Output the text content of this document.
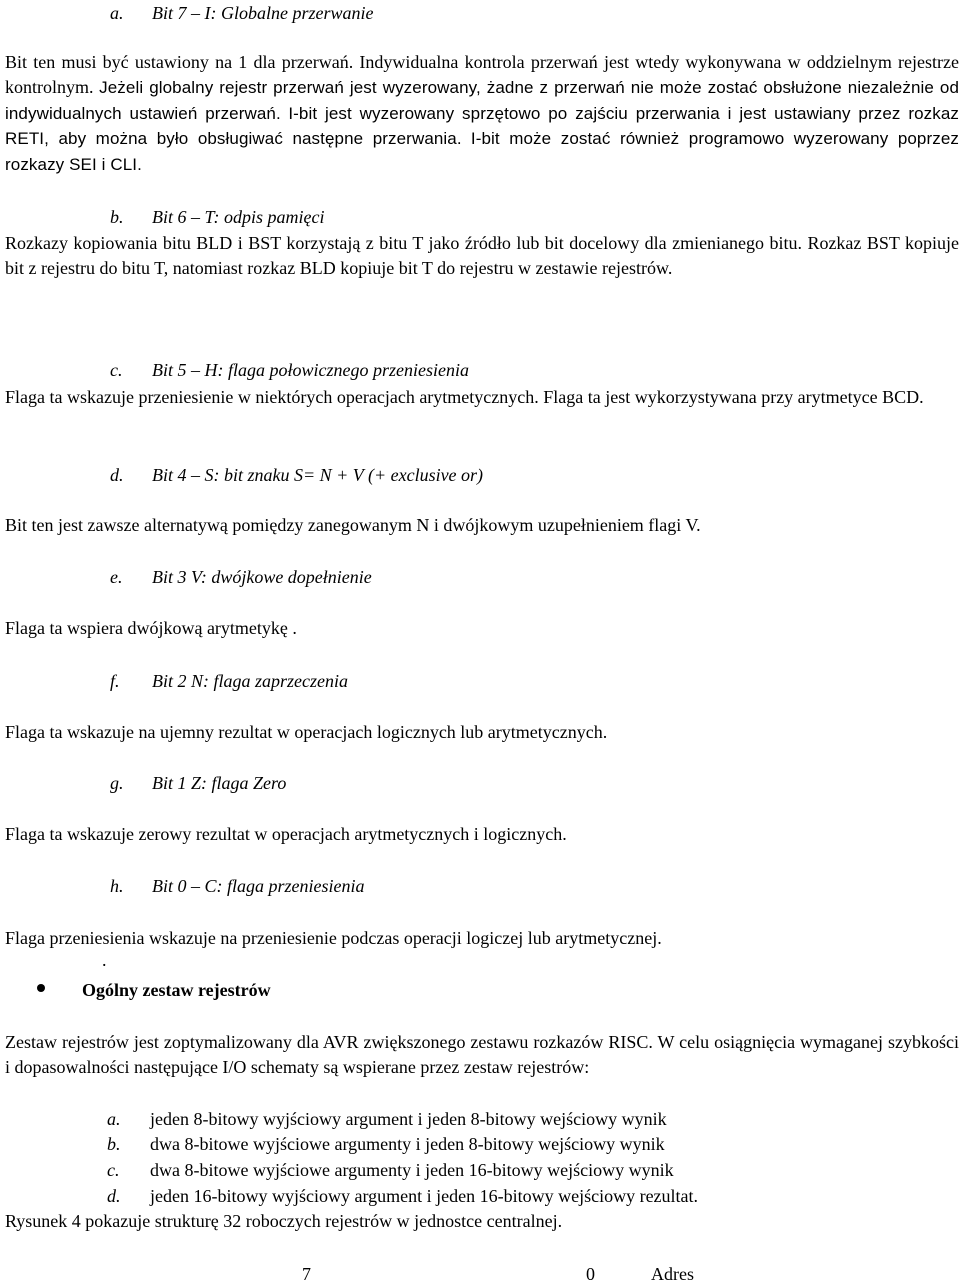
a. Bit 7 – I: Globalne przerwanie

Bit ten musi być ustawiony na 1 dla przerwań. Indywidualna kontrola przerwań jest wtedy wykonywana w oddzielnym rejestrze kontrolnym. Jeżeli globalny rejestr przerwań jest wyzerowany, żadne z przerwań nie może zostać obsłużone niezależnie od indywidualnych ustawień przerwań. I-bit jest wyzerowany sprzętowo po zajściu przerwania i jest ustawiany przez rozkaz RETI, aby można było obsługiwać następne przerwania. I-bit może zostać również programowo wyzerowany poprzez rozkazy SEI i CLI.

b. Bit 6 – T: odpis pamięci

Rozkazy kopiowania bitu BLD i BST korzystają z bitu T jako źródło lub bit docelowy dla zmienianego bitu. Rozkaz BST kopiuje bit z rejestru do bitu T, natomiast rozkaz BLD kopiuje bit T do rejestru w zestawie rejestrów.

c. Bit 5 – H: flaga połowicznego przeniesienia

Flaga ta wskazuje przeniesienie w niektórych operacjach arytmetycznych. Flaga ta jest wykorzystywana przy arytmetyce BCD.

d. Bit 4 – S: bit znaku S= N + V (+ exclusive or)

Bit ten jest zawsze alternatywą pomiędzy zanegowanym N i dwójkowym uzupełnieniem flagi V.

e. Bit 3 V: dwójkowe dopełnienie

Flaga ta wspiera dwójkową arytmetykę .

f. Bit 2 N: flaga zaprzeczenia

Flaga ta wskazuje na ujemny rezultat w operacjach logicznych lub arytmetycznych.

g. Bit 1 Z: flaga Zero

Flaga ta wskazuje zerowy rezultat w operacjach arytmetycznych i logicznych.

h. Bit 0 – C: flaga przeniesienia

Flaga przeniesienia wskazuje na przeniesienie podczas operacji logiczej lub arytmetycznej.

.

Ogólny zestaw rejestrów

Zestaw rejestrów jest zoptymalizowany dla AVR zwiększonego zestawu rozkazów RISC. W celu osiągnięcia wymaganej szybkości i dopasowalności następujące I/O schematy są wspierane przez zestaw rejestrów:

a. jeden 8-bitowy wyjściowy argument i jeden 8-bitowy wejściowy wynik

b. dwa 8-bitowe wyjściowe argumenty i jeden 8-bitowy wejściowy wynik

c. dwa 8-bitowe wyjściowe argumenty i jeden 16-bitowy wejściowy wynik

d. jeden 16-bitowy wyjściowy argument i jeden 16-bitowy wejściowy rezultat.

Rysunek 4 pokazuje strukturę 32 roboczych rejestrów w jednostce centralnej.

7	0	Adres
